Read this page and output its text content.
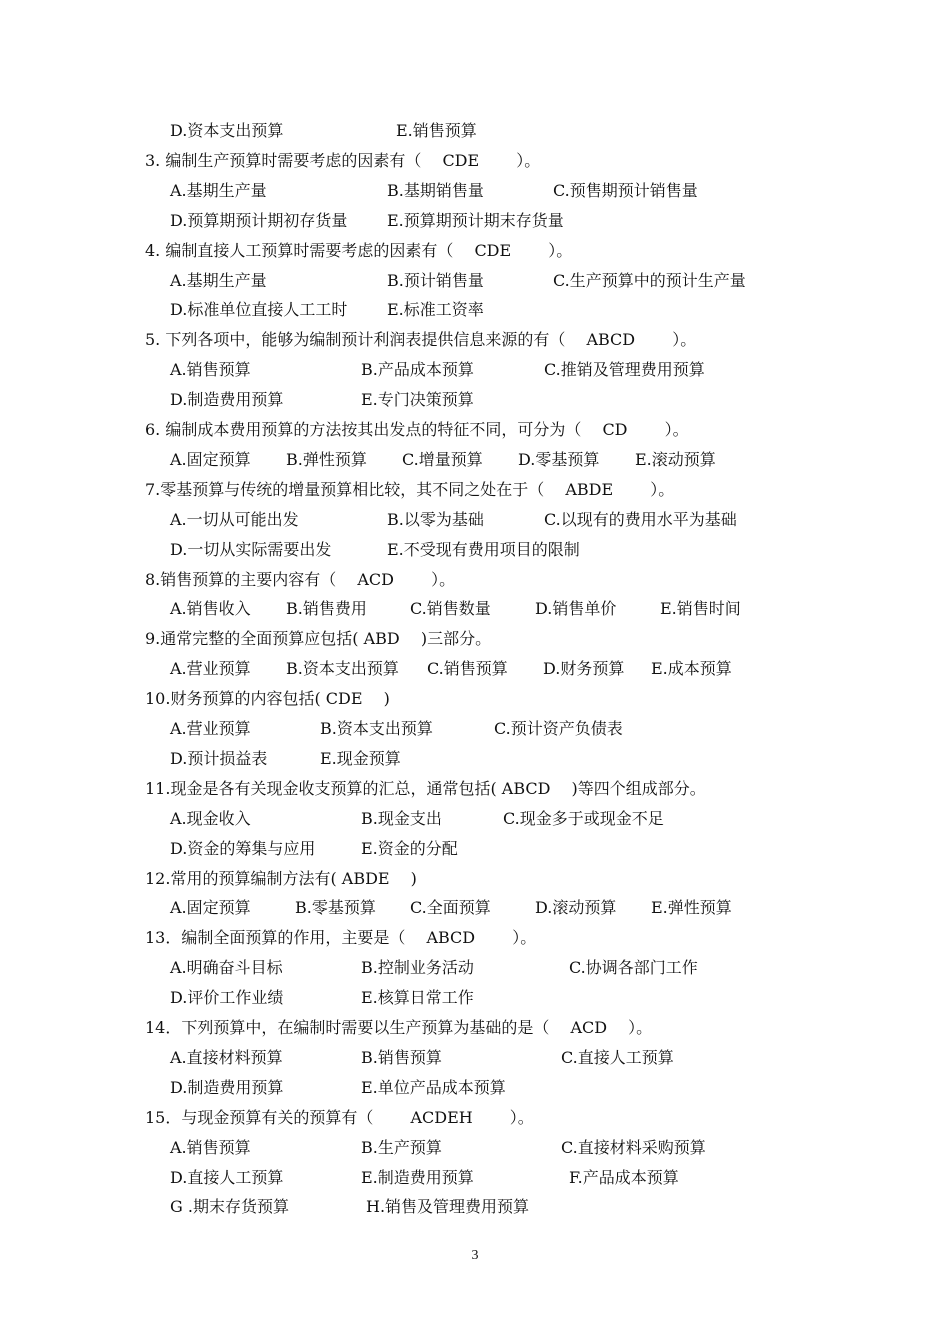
D.资本支出预算	E.销售预算
3. 编制生产预算时需要考虑的因素有（　 CDE 　　）。
A.基期生产量	B.基期销售量	C.预售期预计销售量
D.预算期预计期初存货量 E.预算期预计期末存货量
4. 编制直接人工预算时需要考虑的因素有（　 CDE 　　）。
A.基期生产量	B.预计销售量	C.生产预算中的预计生产量
D.标准单位直接人工工时 E.标准工资率
5. 下列各项中，能够为编制预计利润表提供信息来源的有（　 ABCD 　　）。
A.销售预算	B.产品成本预算	C.推销及管理费用预算
D.制造费用预算	E.专门决策预算
6. 编制成本费用预算的方法按其出发点的特征不同，可分为（　 CD 　　）。
A.固定预算 B.弹性预算 C.增量预算 D.零基预算 E.滚动预算
7.零基预算与传统的增量预算相比较，其不同之处在于（　 ABDE 　　）。
A.一切从可能出发	B.以零为基础	C.以现有的费用水平为基础
D.一切从实际需要出发	E.不受现有费用项目的限制
8.销售预算的主要内容有（　 ACD 　　）。
A.销售收入 B.销售费用	C.销售数量	D.销售单价	E.销售时间
9.通常完整的全面预算应包括( ABD 　)三部分。
A.营业预算 B.资本支出预算 C.销售预算 D.财务预算 E.成本预算
10.财务预算的内容包括( CDE 　)
A.营业预算	B.资本支出预算	C.预计资产负债表
D.预计损益表	E.现金预算
11.现金是各有关现金收支预算的汇总，通常包括( ABCD 　)等四个组成部分。
A.现金收入	B.现金支出	C.现金多于或现金不足
D.资金的筹集与应用	E.资金的分配
12.常用的预算编制方法有( ABDE 　)
A.固定预算	B.零基预算 C.全面预算	D.滚动预算 E.弹性预算
13．编制全面预算的作用，主要是（　 ABCD 　　）。
A.明确奋斗目标	B.控制业务活动	C.协调各部门工作
D.评价工作业绩	E.核算日常工作
14．下列预算中，在编制时需要以生产预算为基础的是（　 ACD 　）。
A.直接材料预算	B.销售预算	C.直接人工预算
D.制造费用预算	E.单位产品成本预算
15．与现金预算有关的预算有（　　 ACDEH 　　）。
A.销售预算	B.生产预算	C.直接材料采购预算
D.直接人工预算	E.制造费用预算	F.产品成本预算
G .期末存货预算	H.销售及管理费用预算
3
